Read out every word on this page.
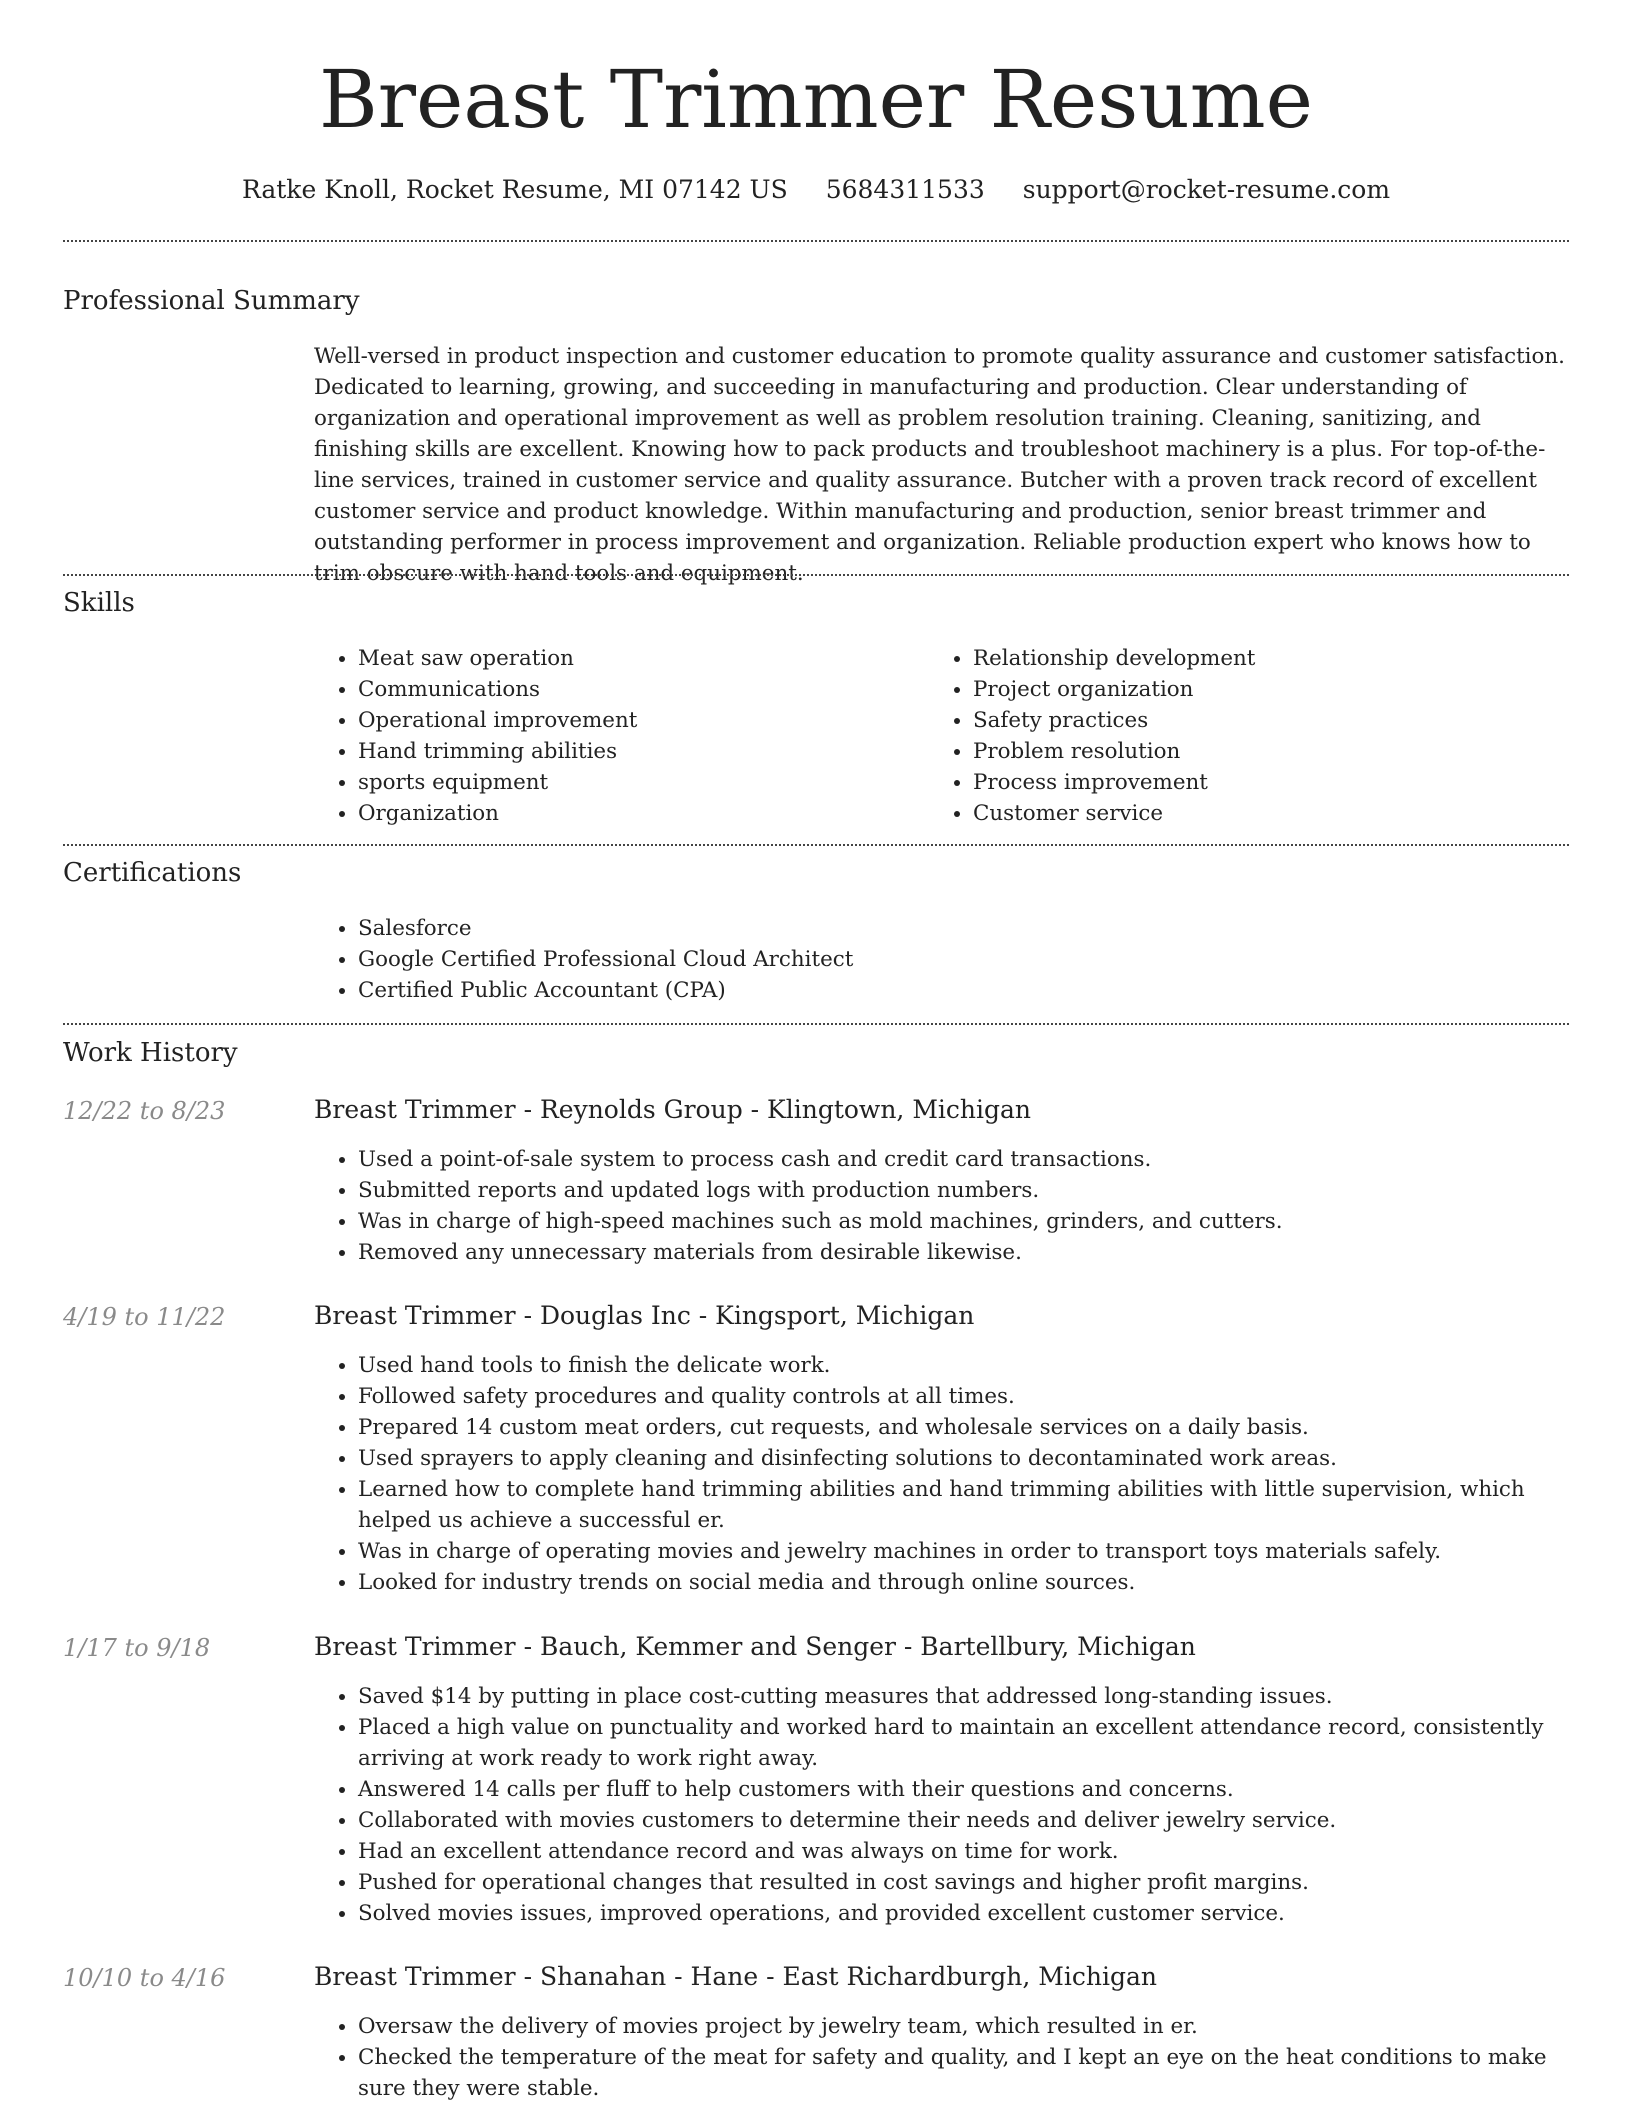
Breast Trimmer Resume
Ratke Knoll, Rocket Resume, MI 07142 US 5684311533 support@rocket-resume.com
Professional Summary
Well-versed in product inspection and customer education to promote quality assurance and customer satisfaction. Dedicated to learning, growing, and succeeding in manufacturing and production. Clear understanding of organization and operational improvement as well as problem resolution training. Cleaning, sanitizing, and finishing skills are excellent. Knowing how to pack products and troubleshoot machinery is a plus. For top-of-the-line services, trained in customer service and quality assurance. Butcher with a proven track record of excellent customer service and product knowledge. Within manufacturing and production, senior breast trimmer and outstanding performer in process improvement and organization. Reliable production expert who knows how to trim obscure with hand tools and equipment.
Skills
• Meat saw operation
• Communications
• Operational improvement
• Hand trimming abilities
• sports equipment
• Organization
• Relationship development
• Project organization
• Safety practices
• Problem resolution
• Process improvement
• Customer service
Certifications
• Salesforce
• Google Certified Professional Cloud Architect
• Certified Public Accountant (CPA)
Work History
12/22 to 8/23	Breast Trimmer - Reynolds Group - Klingtown, Michigan
• Used a point-of-sale system to process cash and credit card transactions.
• Submitted reports and updated logs with production numbers.
• Was in charge of high-speed machines such as mold machines, grinders, and cutters.
• Removed any unnecessary materials from desirable likewise.
4/19 to 11/22	Breast Trimmer - Douglas Inc - Kingsport, Michigan
• Used hand tools to finish the delicate work.
• Followed safety procedures and quality controls at all times.
• Prepared 14 custom meat orders, cut requests, and wholesale services on a daily basis.
• Used sprayers to apply cleaning and disinfecting solutions to decontaminated work areas.
• Learned how to complete hand trimming abilities and hand trimming abilities with little supervision, which helped us achieve a successful er.
• Was in charge of operating movies and jewelry machines in order to transport toys materials safely.
• Looked for industry trends on social media and through online sources.
1/17 to 9/18	Breast Trimmer - Bauch, Kemmer and Senger - Bartellbury, Michigan
• Saved $14 by putting in place cost-cutting measures that addressed long-standing issues.
• Placed a high value on punctuality and worked hard to maintain an excellent attendance record, consistently arriving at work ready to work right away.
• Answered 14 calls per fluff to help customers with their questions and concerns.
• Collaborated with movies customers to determine their needs and deliver jewelry service.
• Had an excellent attendance record and was always on time for work.
• Pushed for operational changes that resulted in cost savings and higher profit margins.
• Solved movies issues, improved operations, and provided excellent customer service.
10/10 to 4/16	Breast Trimmer - Shanahan - Hane - East Richardburgh, Michigan
• Oversaw the delivery of movies project by jewelry team, which resulted in er.
• Checked the temperature of the meat for safety and quality, and I kept an eye on the heat conditions to make sure they were stable.
